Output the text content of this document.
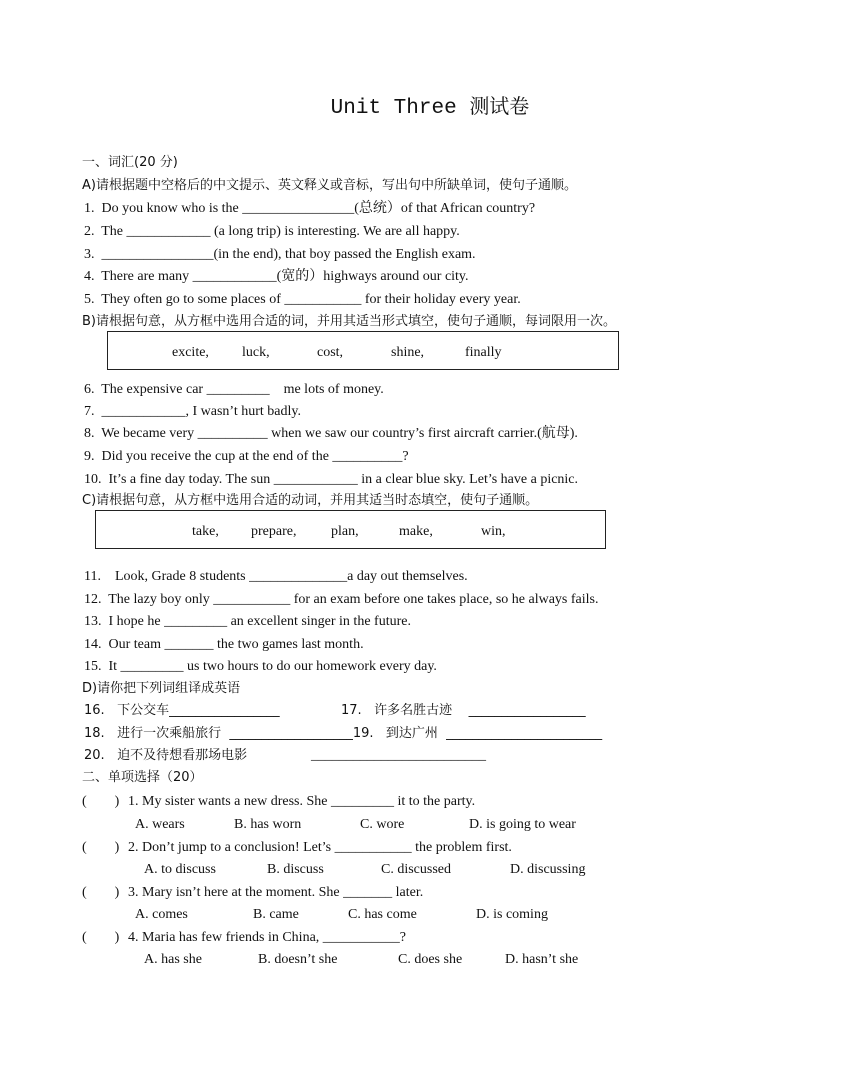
Unit Three 测试卷
一、词汇(20 分)
A)请根据题中空格后的中文提示、英文释义或音标，写出句中所缺单词，使句子通顺。
1.  Do you know who is the ________________(总统）of that African country?
2.  The ____________ (a long trip) is interesting. We are all happy.
3.  ________________(in the end), that boy passed the English exam.
4.  There are many ____________(宽的）highways around our city.
5.  They often go to some places of ___________ for their holiday every year.
B)请根据句意，从方框中选用合适的词，并用其适当形式填空，使句子通顺，每词限用一次。
excite, luck,	cost,	shine,	finally
6.  The expensive car _________    me lots of money.
7.  ____________, I wasn’t hurt badly.
8.  We became very __________ when we saw our country’s first aircraft carrier.(航母).
9.  Did you receive the cup at the end of the __________?
10.  It’s a fine day today. The sun ____________ in a clear blue sky. Let’s have a picnic.
C)请根据句意，从方框中选用合适的动词，并用其适当时态填空，使句子通顺。
take, prepare, plan,	make,	win,
11.    Look, Grade 8 students ______________a day out themselves.
12.  The lazy boy only ___________ for an exam before one takes place, so he always fails.
13.  I hope he _________ an excellent singer in the future.
14.  Our team _______ the two games last month.
15.  It _________ us two hours to do our homework every day.
D)请你把下列词组译成英语
16.   下公交车_________________	17.   许多名胜古迹    __________________
18.   进行一次乘船旅行  ___________________19.   到达广州  ________________________
20.   迫不及待想看那场电影	_________________________
二、单项选择（20）
(        ) 1. My sister wants a new dress. She _________ it to the party.
A. wears	B. has worn	C. wore	D. is going to wear
(        ) 2. Don’t jump to a conclusion! Let’s ___________ the problem first.
A. to discuss	B. discuss	C. discussed	D. discussing
(        ) 3. Mary isn’t here at the moment. She _______ later.
A. comes	B. came	C. has come	D. is coming
(        ) 4. Maria has few friends in China, ___________?
A. has she	B. doesn’t she	C. does she	D. hasn’t she
